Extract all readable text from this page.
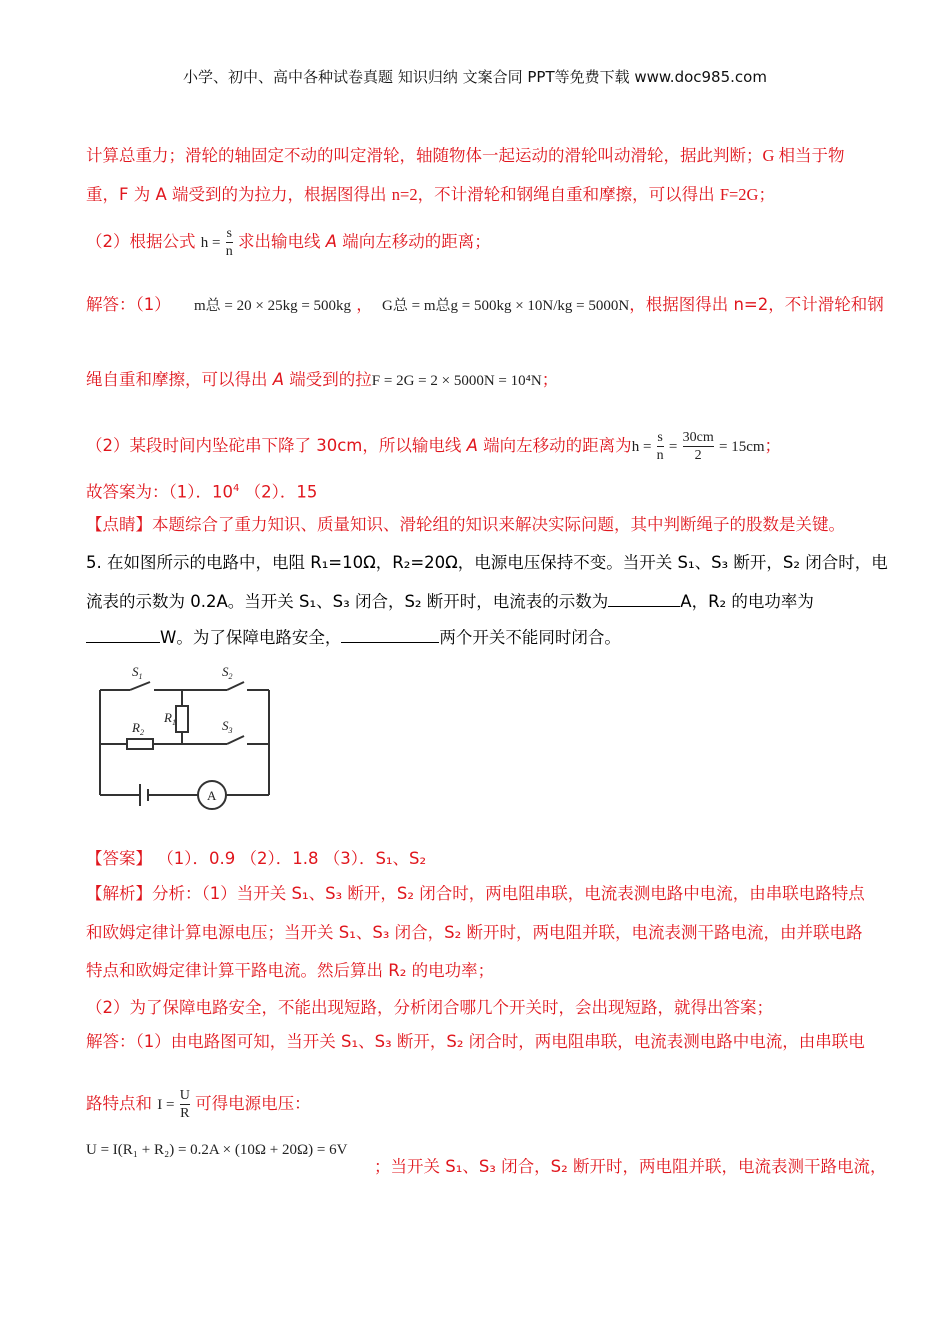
小学、初中、高中各种试卷真题 知识归纳 文案合同 PPT等免费下载 www.doc985.com
计算总重力；滑轮的轴固定不动的叫定滑轮，轴随物体一起运动的滑轮叫动滑轮，据此判断；G 相当于物
重，F 为 A 端受到的为拉力，根据图得出 n=2，不计滑轮和钢绳自重和摩擦，可以得出 F=2G；
（2）根据公式 $h = \frac{s}{n}$ 求出输电线 A 端向左移动的距离；
解答：（1） m总 = 20 × 25kg = 500kg ， G总 = m总g = 500kg × 10N/kg = 5000N，根据图得出 n=2，不计滑轮和钢
绳自重和摩擦，可以得出 A 端受到的拉F = 2G = 2 × 5000N = 10⁴N；
（2）某段时间内坠砣串下降了 30cm，所以输电线 A 端向左移动的距离为$h = \frac{s}{n} = \frac{30cm}{2} = 15cm$；
故答案为：（1）．$10^4$ （2）．15
【点睛】本题综合了重力知识、质量知识、滑轮组的知识来解决实际问题，其中判断绳子的股数是关键。
5. 在如图所示的电路中，电阻 R₁=10Ω，R₂=20Ω，电源电压保持不变。当开关 S₁、S₃ 断开，S₂ 闭合时，电
流表的示数为 0.2A。当开关 S₁、S₃ 闭合，S₂ 断开时，电流表的示数为	A，R₂ 的电功率为
W。为了保障电路安全，	两个开关不能同时闭合。
$S_1$	$S_2$
$S_3$
$R_1$
$R_2$
A
【答案】 （1）．0.9 （2）．1.8 （3）．S₁、S₂
【解析】分析：（1）当开关 S₁、S₃ 断开，S₂ 闭合时，两电阻串联，电流表测电路中电流，由串联电路特点
和欧姆定律计算电源电压；当开关 S₁、S₃ 闭合，S₂ 断开时，两电阻并联，电流表测干路电流，由并联电路
特点和欧姆定律计算干路电流。然后算出 R₂ 的电功率；
（2）为了保障电路安全，不能出现短路，分析闭合哪几个开关时，会出现短路，就得出答案；
解答：（1）由电路图可知，当开关 S₁、S₃ 断开，S₂ 闭合时，两电阻串联，电流表测电路中电流，由串联电
路特点和 $I = \frac{U}{R}$ 可得电源电压：
U = I(R₁ + R₂) = 0.2A × (10Ω + 20Ω) = 6V
；当开关 S₁、S₃ 闭合，S₂ 断开时，两电阻并联，电流表测干路电流，
